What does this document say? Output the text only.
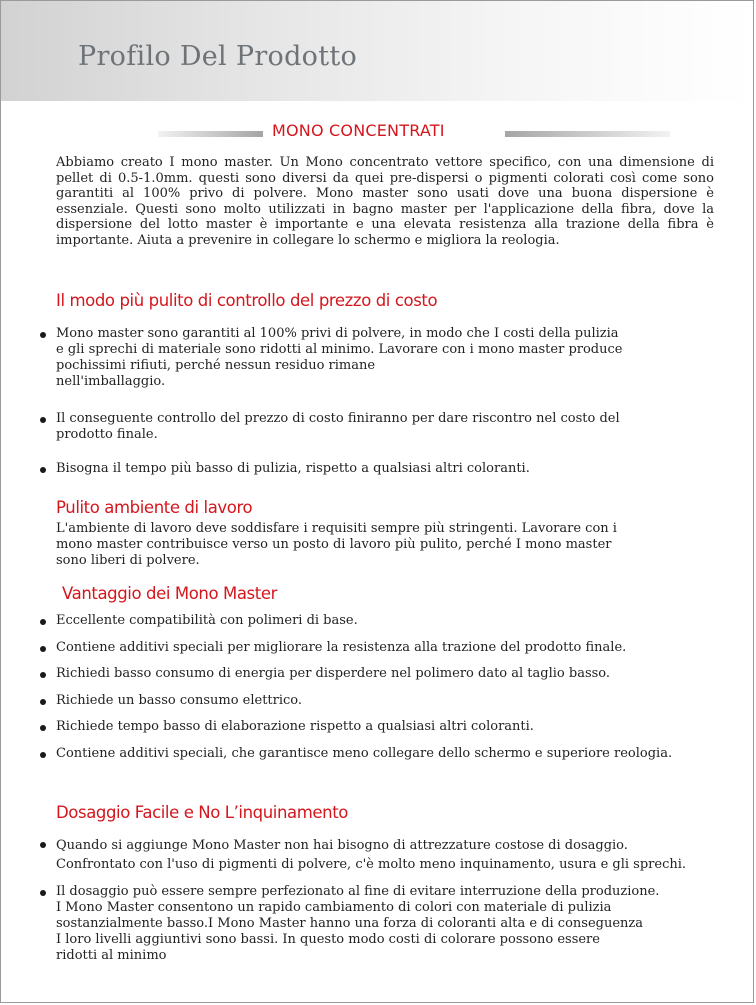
Profilo Del Prodotto
MONO CONCENTRATI

Abbiamo creato I mono master. Un Mono concentrato vettore specifico, con una dimensione di pellet di 0.5-1.0mm. questi sono diversi da quei pre-dispersi o pigmenti colorati così come sono garantiti al 100% privo di polvere. Mono master sono usati dove una buona dispersione è essenziale. Questi sono molto utilizzati in bagno master per l'applicazione della fibra, dove la dispersione del lotto master è importante e una elevata resistenza alla trazione della fibra è importante. Aiuta a prevenire in collegare lo schermo e migliora la reologia.

Il modo più pulito di controllo del prezzo di costo
Mono master sono garantiti al 100% privi di polvere, in modo che I costi della pulizia
e gli sprechi di materiale sono ridotti al minimo. Lavorare con i mono master produce
pochissimi rifiuti, perché nessun residuo rimane
nell'imballaggio.
Il conseguente controllo del prezzo di costo finiranno per dare riscontro nel costo del
prodotto finale.
Bisogna il tempo più basso di pulizia, rispetto a qualsiasi altri coloranti.
Pulito ambiente di lavoro

L'ambiente di lavoro deve soddisfare i requisiti sempre più stringenti. Lavorare con i
mono master contribuisce verso un posto di lavoro più pulito, perché I mono master
sono liberi di polvere.

Vantaggio dei Mono Master
Eccellente compatibilità con polimeri di base.
Contiene additivi speciali per migliorare la resistenza alla trazione del prodotto finale.
Richiedi basso consumo di energia per disperdere nel polimero dato al taglio basso.
Richiede un basso consumo elettrico.
Richiede tempo basso di elaborazione rispetto a qualsiasi altri coloranti.
Contiene additivi speciali, che garantisce meno collegare dello schermo e superiore reologia.
Dosaggio Facile e No L’inquinamento
Quando si aggiunge Mono Master non hai bisogno di attrezzature costose di dosaggio.
Confrontato con l'uso di pigmenti di polvere, c'è molto meno inquinamento, usura e gli sprechi.
Il dosaggio può essere sempre perfezionato al fine di evitare interruzione della produzione.
I Mono Master consentono un rapido cambiamento di colori con materiale di pulizia
sostanzialmente basso.I Mono Master hanno una forza di coloranti alta e di conseguenza
I loro livelli aggiuntivi sono bassi. In questo modo costi di colorare possono essere
ridotti al minimo
